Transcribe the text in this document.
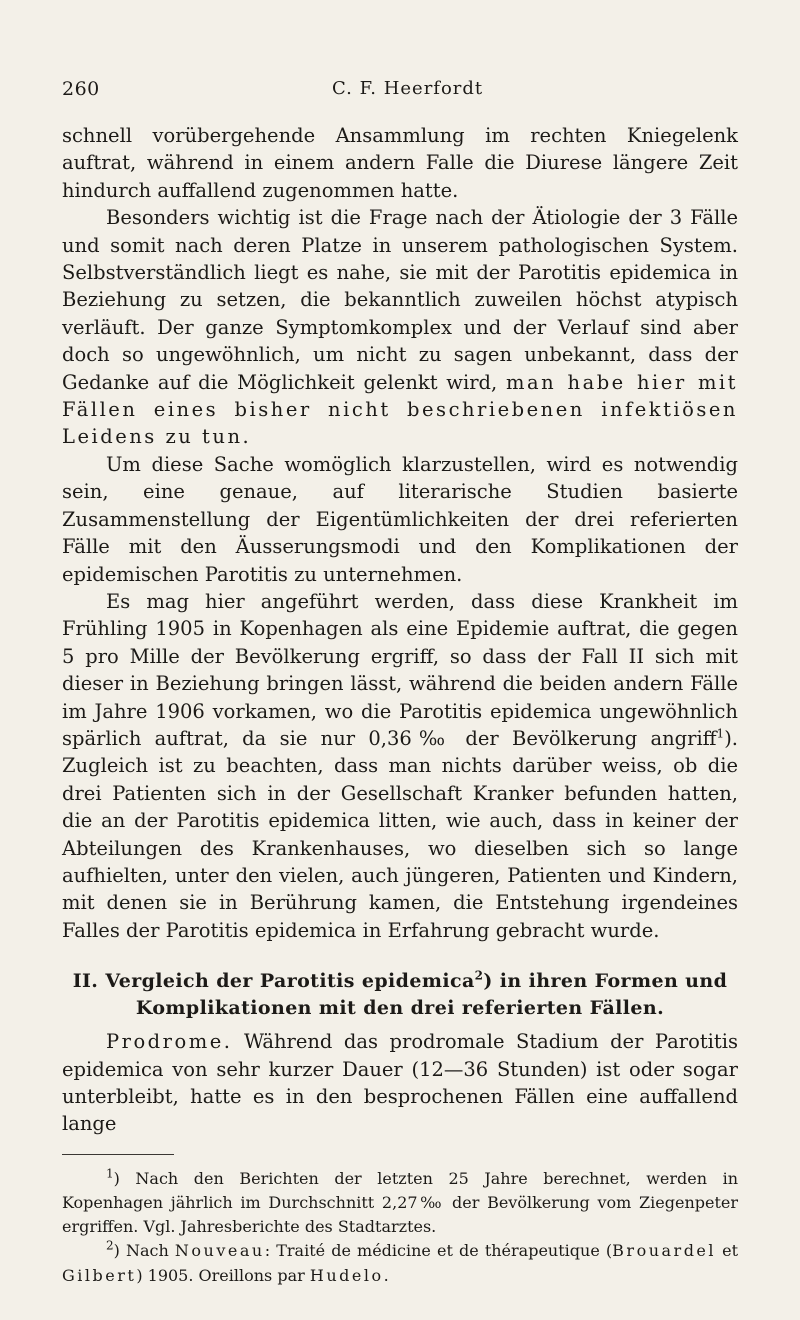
260	C. F. Heerfordt

schnell vorübergehende Ansammlung im rechten Kniegelenk auftrat, während in einem andern Falle die Diurese längere Zeit hindurch auffallend zugenommen hatte.

Besonders wichtig ist die Frage nach der Ätiologie der 3 Fälle und somit nach deren Platze in unserem pathologischen System. Selbstverständlich liegt es nahe, sie mit der Parotitis epidemica in Beziehung zu setzen, die bekanntlich zuweilen höchst atypisch verläuft. Der ganze Symptomkomplex und der Verlauf sind aber doch so ungewöhnlich, um nicht zu sagen unbekannt, dass der Gedanke auf die Möglichkeit gelenkt wird, man habe hier mit Fällen eines bisher nicht beschriebenen infektiösen Leidens zu tun.

Um diese Sache womöglich klarzustellen, wird es notwendig sein, eine genaue, auf literarische Studien basierte Zusammenstellung der Eigentümlichkeiten der drei referierten Fälle mit den Äusserungsmodi und den Komplikationen der epidemischen Parotitis zu unternehmen.

Es mag hier angeführt werden, dass diese Krankheit im Frühling 1905 in Kopenhagen als eine Epidemie auftrat, die gegen 5 pro Mille der Bevölkerung ergriff, so dass der Fall II sich mit dieser in Beziehung bringen lässt, während die beiden andern Fälle im Jahre 1906 vorkamen, wo die Parotitis epidemica ungewöhnlich spärlich auftrat, da sie nur 0,36‰ der Bevölkerung angriff$^1$). Zugleich ist zu beachten, dass man nichts darüber weiss, ob die drei Patienten sich in der Gesellschaft Kranker befunden hatten, die an der Parotitis epidemica litten, wie auch, dass in keiner der Abteilungen des Krankenhauses, wo dieselben sich so lange aufhielten, unter den vielen, auch jüngeren, Patienten und Kindern, mit denen sie in Berührung kamen, die Entstehung irgendeines Falles der Parotitis epidemica in Erfahrung gebracht wurde.

II. Vergleich der Parotitis epidemica$^2$) in ihren Formen und Komplikationen mit den drei referierten Fällen.

Prodrome. Während das prodromale Stadium der Parotitis epidemica von sehr kurzer Dauer (12—36 Stunden) ist oder sogar unterbleibt, hatte es in den besprochenen Fällen eine auffallend lange

$^1$) Nach den Berichten der letzten 25 Jahre berechnet, werden in Kopenhagen jährlich im Durchschnitt 2,27‰ der Bevölkerung vom Ziegenpeter ergriffen. Vgl. Jahresberichte des Stadtarztes.

$^2$) Nach Nouveau: Traité de médicine et de thérapeutique (Brouardel et Gilbert) 1905. Oreillons par Hudelo.
